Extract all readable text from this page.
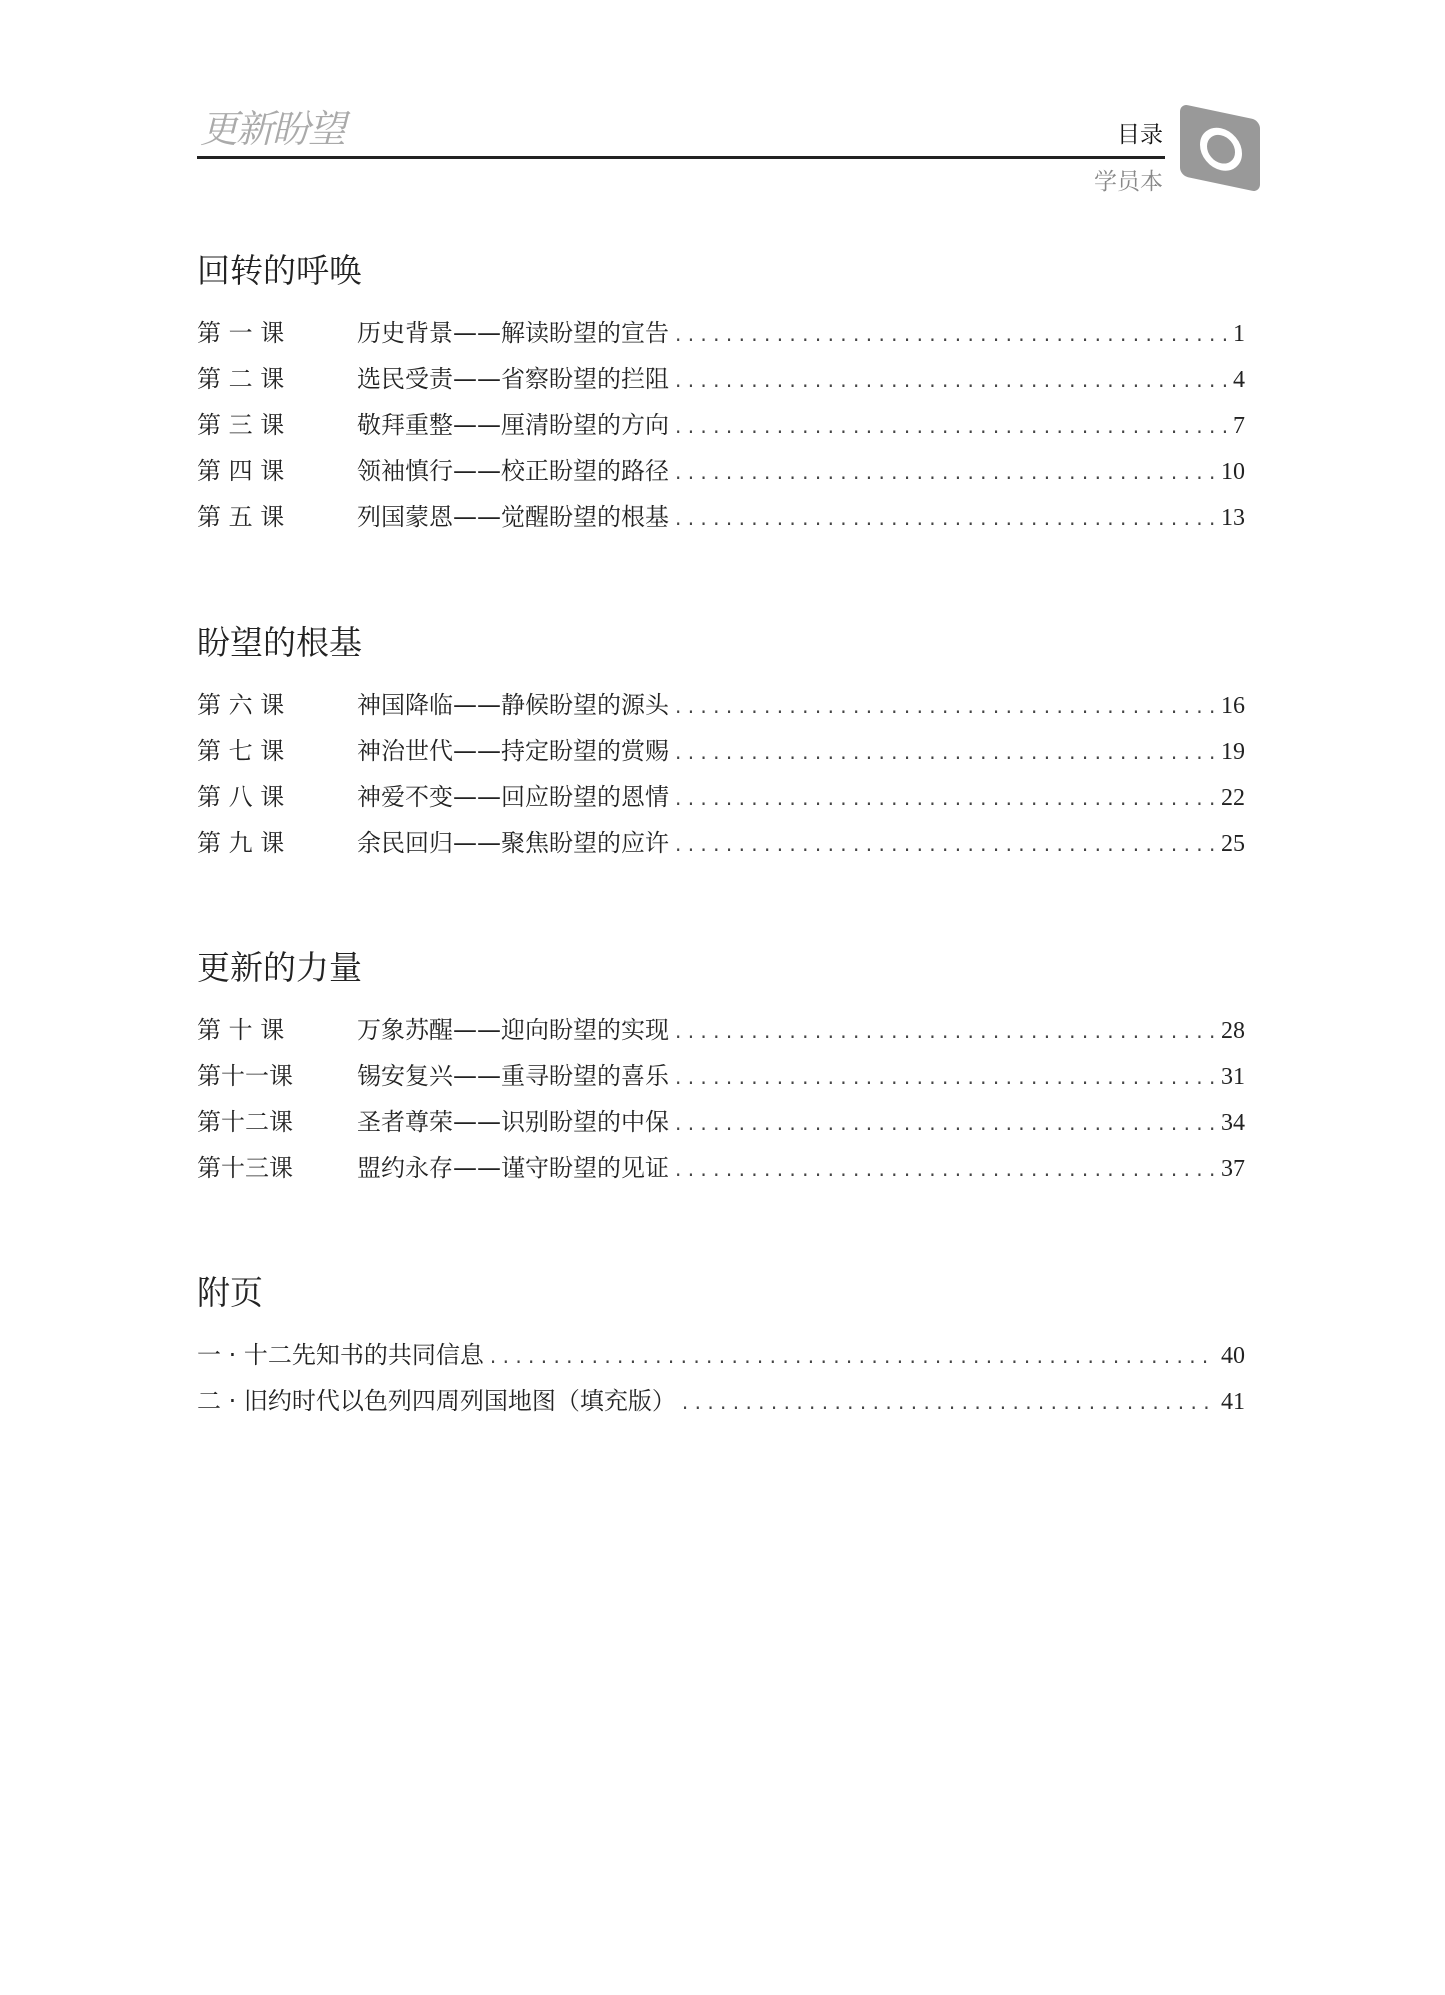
更新盼望	目录
学员本
回转的呼唤
第 一 课	历史背景——解读盼望的宣告 . . .	1
第 二 课	选民受责——省察盼望的拦阻 . . .	4
第 三 课	敬拜重整——厘清盼望的方向 . . .	7
第 四 课	领袖慎行——校正盼望的路径 . . .	10
第 五 课	列国蒙恩——觉醒盼望的根基 . . .	13
盼望的根基
第 六 课	神国降临——静候盼望的源头 . . .	16
第 七 课	神治世代——持定盼望的赏赐 . . .	19
第 八 课	神爱不变——回应盼望的恩情 . . .	22
第 九 课	余民回归——聚焦盼望的应许 . . .	25
更新的力量
第 十 课	万象苏醒——迎向盼望的实现 . . .	28
第十一课	锡安复兴——重寻盼望的喜乐 . . .	31
第十二课	圣者尊荣——识别盼望的中保 . . .	34
第十三课	盟约永存——谨守盼望的见证 . . .	37
附页
一 · 十二先知书的共同信息 . . .	40
二 · 旧约时代以色列四周列国地图（填充版） . . .	41
